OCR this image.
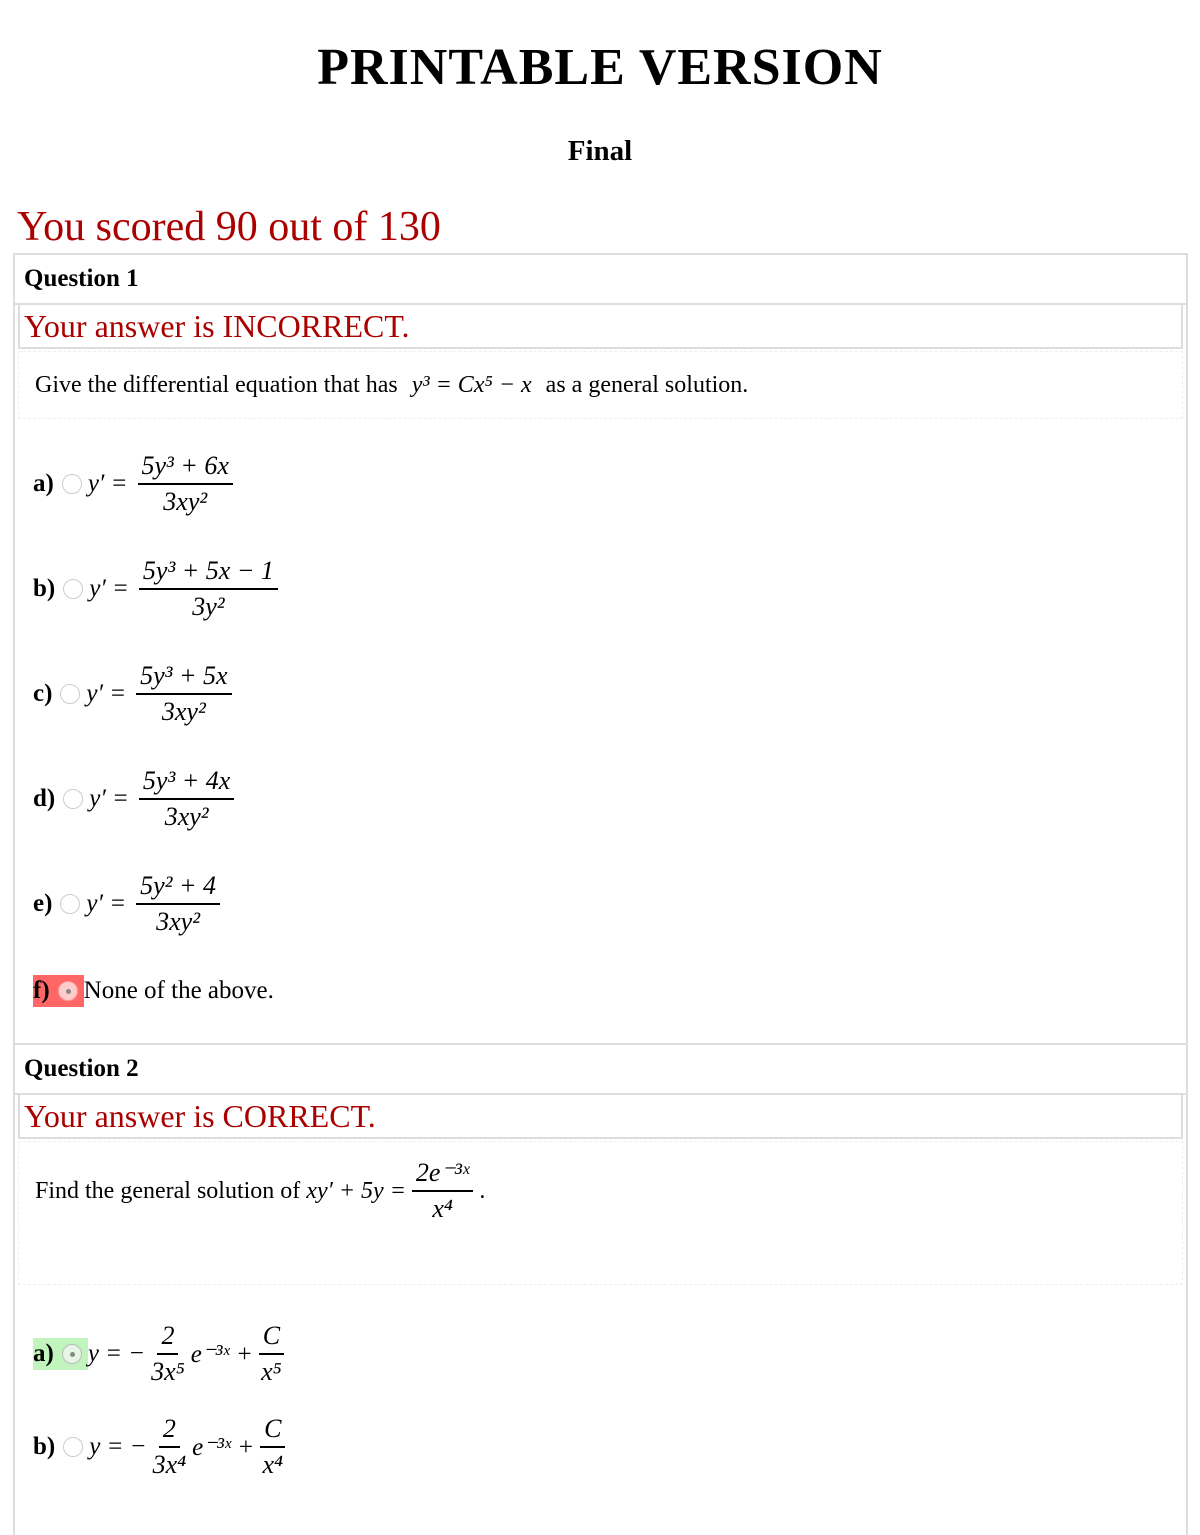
PRINTABLE VERSION
Final
You scored 90 out of 130
Question 1
Your answer is INCORRECT.
Give the differential equation that has y³ = Cx⁵ − x as a general solution.
a) $y' = \frac{\text{5y³ + 6x}}{\text{3xy²}}$
b) $y' = \frac{\text{5y³ + 5x − 1}}{\text{3y²}}$
c) $y' = \frac{\text{5y³ + 5x}}{\text{3xy²}}$
d) $y' = \frac{\text{5y³ + 4x}}{\text{3xy²}}$
e) $y' = \frac{\text{5y² + 4}}{\text{3xy²}}$
f) None of the above.
Question 2
Your answer is CORRECT.
Find the general solution of $xy' + 5y = \frac{\text{2e⁻³ˣ}}{\text{x⁴}}$ .
a) y = − $\frac{2}{\text{3x⁵}}$ e⁻³ˣ + $\frac{C}{\text{x⁵}}$
b) y = − $\frac{2}{\text{3x⁴}}$ e⁻³ˣ + $\frac{C}{\text{x⁴}}$
